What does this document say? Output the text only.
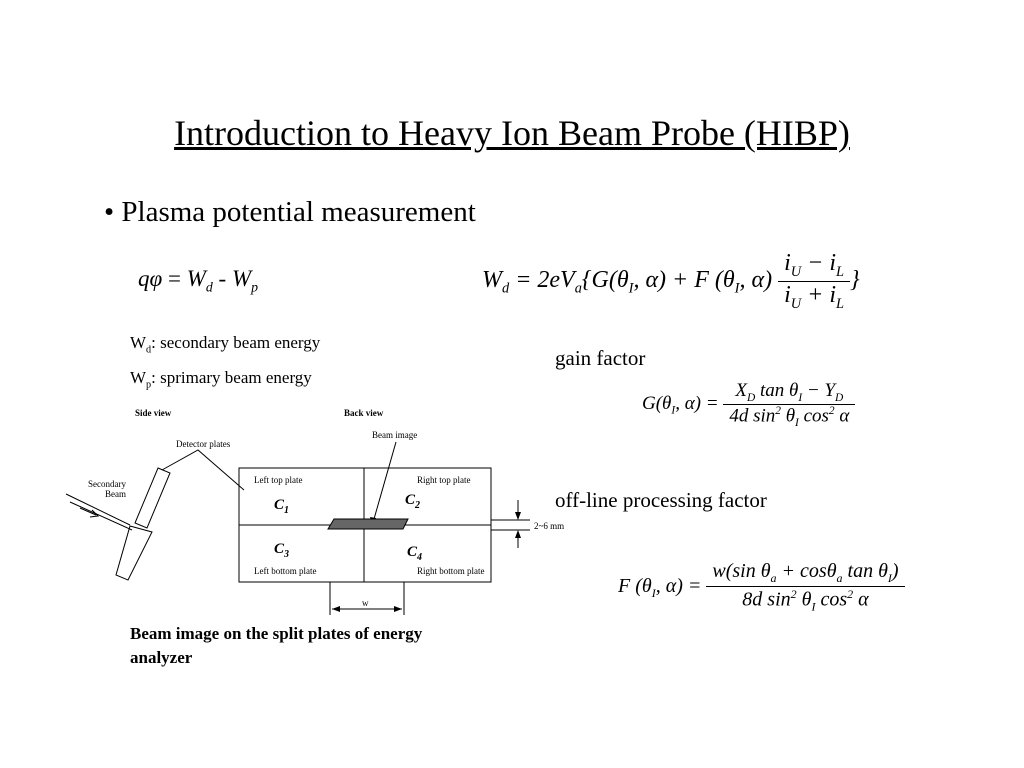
Introduction to Heavy Ion Beam Probe (HIBP)
• Plasma potential measurement
$q\varphi = W_d - W_p$
$W_d$: secondary beam energy
$W_p$: sprimary beam energy
$W_d = 2eV_a\{G(\theta_I$, α) + F ($\theta_I$, $\alpha) \frac{i_U - i_L}{i_U + i_L}$ }
gain factor
$G(\theta_I$, $\alpha) = \frac{X_D \tan \theta_I - Y_D}{4d \sin^2 \theta_I \cos^2 \alpha}$
off-line processing factor
F ($\theta_I$, $\alpha) = \frac{w(\sin \theta_a + \cos\theta_a \tan \theta_I)}{8d \sin^2 \theta_I \cos^2 \alpha}$
Side view	Back view
Detector plates
Beam image
Secondary
Beam
Left top plate	Right top plate
Left bottom plate	Right bottom plate
2~6 mm
w
$C_1$
$C_2$
$C_3$	$C_4$
Beam image on the split plates of energy analyzer
